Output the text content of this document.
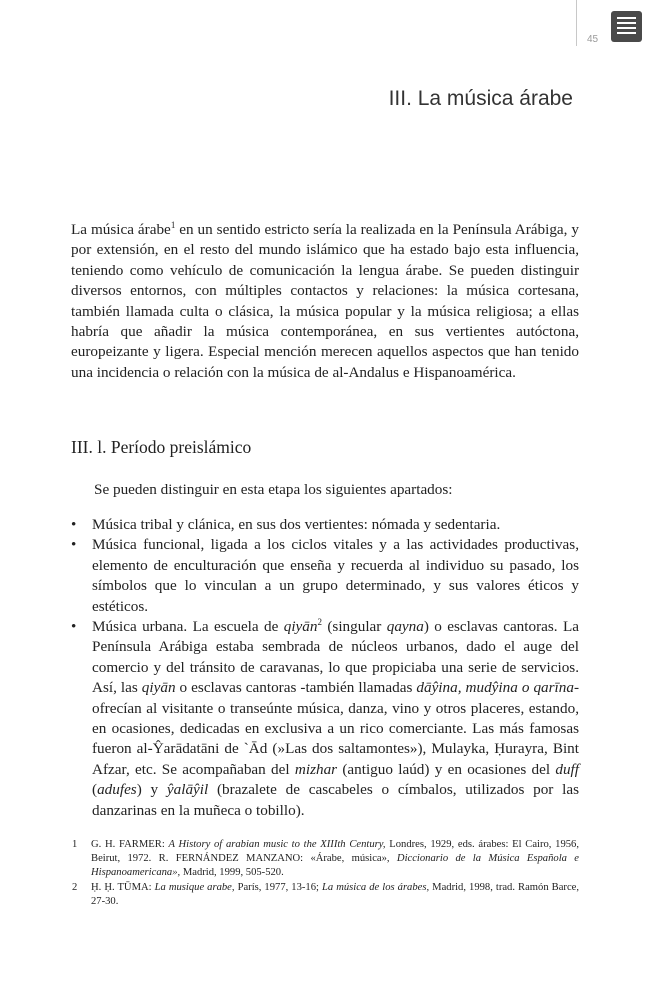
45
III. La música árabe

La música árabe$^1$ en un sentido estricto sería la realizada en la Península Arábiga, y por extensión, en el resto del mundo islámico que ha estado bajo esta influencia, teniendo como vehículo de comunicación la lengua árabe. Se pueden distinguir diversos entornos, con múltiples contactos y relaciones: la música cortesana, también llamada culta o clásica, la música popular y la música religiosa; a ellas habría que añadir la música contemporánea, en sus vertientes autóctona, europeizante y ligera. Especial mención merecen aquellos aspectos que han tenido una incidencia o relación con la música de al-Andalus e Hispanoamérica.

III. l. Período preislámico

Se pueden distinguir en esta etapa los siguientes apartados:

• Música tribal y clánica, en sus dos vertientes: nómada y sedentaria.
• Música funcional, ligada a los ciclos vitales y a las actividades productivas, elemento de enculturación que enseña y recuerda al individuo su pasado, los símbolos que lo vinculan a un grupo determinado, y sus valores éticos y estéticos.
• Música urbana. La escuela de qiyān$^2$ (singular qayna) o esclavas cantoras. La Península Arábiga estaba sembrada de núcleos urbanos, dado el auge del comercio y del tránsito de caravanas, lo que propiciaba una serie de servicios. Así, las qiyān o esclavas cantoras -también llamadas dāŷina, mudŷina o qarīna- ofrecían al visitante o transeúnte música, danza, vino y otros placeres, estando, en ocasiones, dedicadas en exclusiva a un rico comerciante. Las más famosas fueron al-Ŷarādatāni de `Ād (»Las dos saltamontes»), Mulayka, Ḥurayra, Bint Afzar, etc. Se acompañaban del mizhar (antiguo laúd) y en ocasiones del duff (adufes) y ŷalāŷil (brazalete de cascabeles o címbalos, utilizados por las danzarinas en la muñeca o tobillo).

1 G. H. FARMER: A History of arabian music to the XIIIth Century, Londres, 1929, eds. árabes: El Cairo, 1956, Beirut, 1972. R. FERNÁNDEZ MANZANO: «Árabe, música», Diccionario de la Música Española e Hispanoamericana», Madrid, 1999, 505-520.

2 Ḥ. Ḥ. TŪMA: La musique arabe, París, 1977, 13-16; La música de los árabes, Madrid, 1998, trad. Ramón Barce, 27-30.
